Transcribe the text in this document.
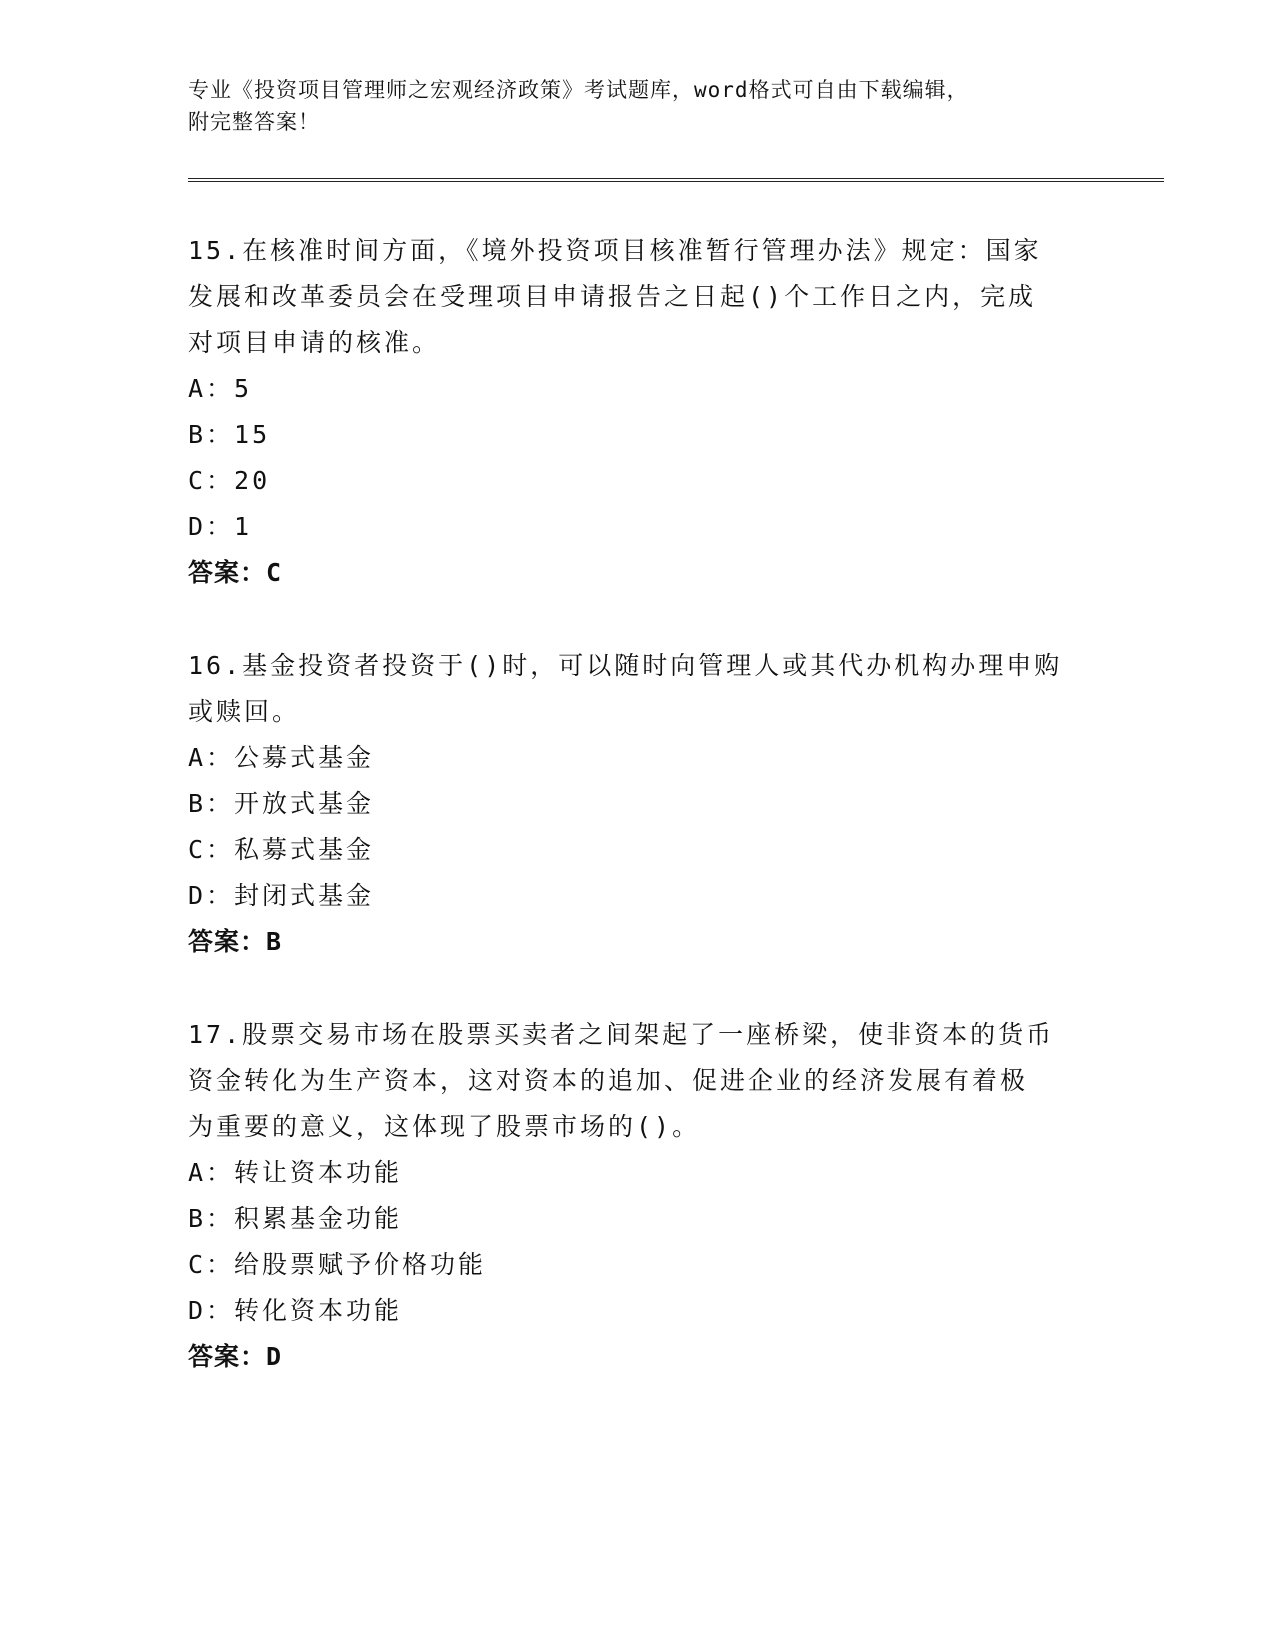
专业《投资项目管理师之宏观经济政策》考试题库，word格式可自由下载编辑，
附完整答案！
15.在核准时间方面，《境外投资项目核准暂行管理办法》规定：国家
发展和改革委员会在受理项目申请报告之日起()个工作日之内，完成
对项目申请的核准。
A：5
B：15
C：20
D：1
答案：C
16.基金投资者投资于()时，可以随时向管理人或其代办机构办理申购
或赎回。
A：公募式基金
B：开放式基金
C：私募式基金
D：封闭式基金
答案：B
17.股票交易市场在股票买卖者之间架起了一座桥梁，使非资本的货币
资金转化为生产资本，这对资本的追加、促进企业的经济发展有着极
为重要的意义，这体现了股票市场的()。
A：转让资本功能
B：积累基金功能
C：给股票赋予价格功能
D：转化资本功能
答案：D
